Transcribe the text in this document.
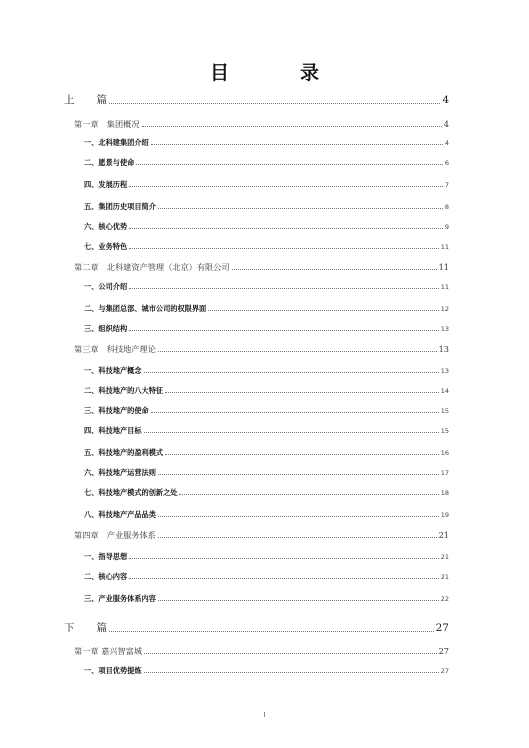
目　录
上 篇	4
第一章　集团概况	4
一、北科建集团介绍	4
二、愿景与使命	6
四、发展历程	7
五、集团历史项目简介	8
六、核心优势	9
七、业务特色	11
第二章　北科建资产管理（北京）有限公司	11
一、公司介绍	11
二、与集团总部、城市公司的权限界面	12
三、组织结构	13
第三章　科技地产理论	13
一、科技地产概念	13
二、科技地产的八大特征	14
三、科技地产的使命	15
四、科技地产目标	15
五、科技地产的盈利模式	16
六、科技地产运营法则	17
七、科技地产模式的创新之处	18
八、科技地产产品品类	19
第四章　产业服务体系	21
一、指导思想	21
二、核心内容	21
三、产业服务体系内容	22
下 篇	27
第一章 嘉兴智富城	27
一、项目优势提炼	27
I
